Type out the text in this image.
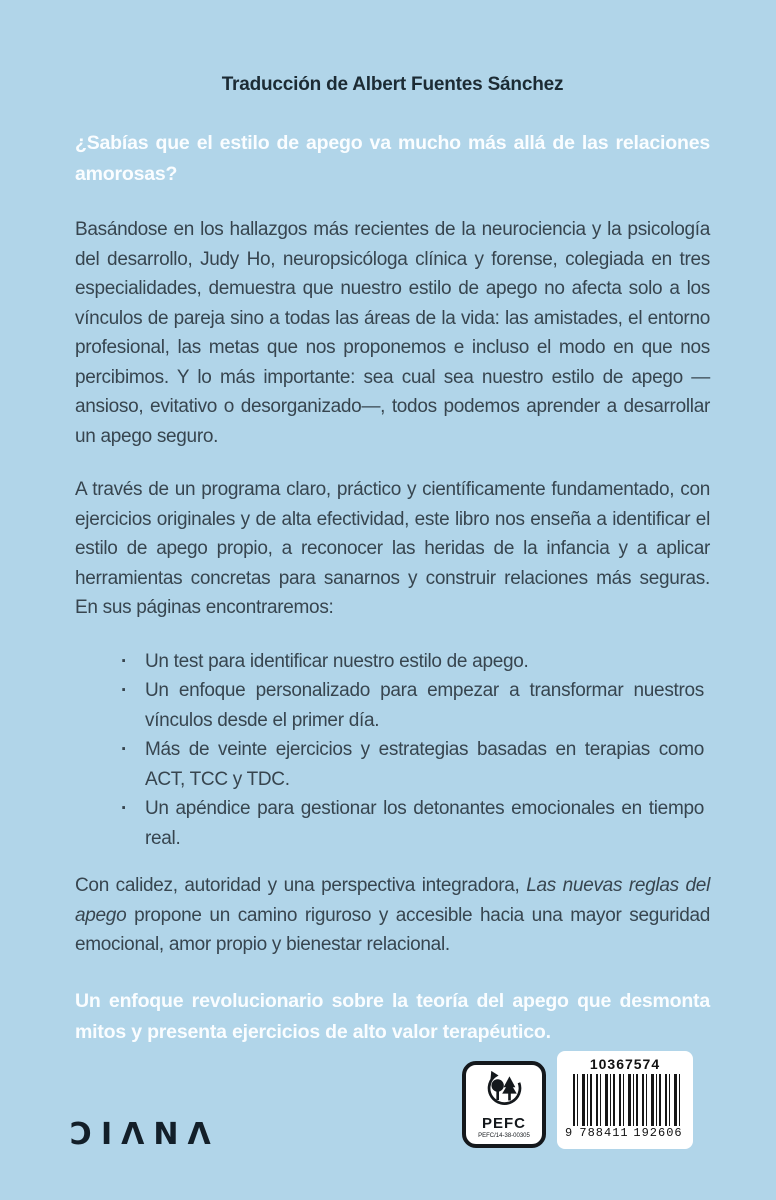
Traducción de Albert Fuentes Sánchez

¿Sabías que el estilo de apego va mucho más allá de las relaciones amorosas?

Basándose en los hallazgos más recientes de la neurociencia y la psicología del desarrollo, Judy Ho, neuropsicóloga clínica y forense, colegiada en tres especialidades, demuestra que nuestro estilo de apego no afecta solo a los vínculos de pareja sino a todas las áreas de la vida: las amistades, el entorno profesional, las metas que nos proponemos e incluso el modo en que nos percibimos. Y lo más importante: sea cual sea nuestro estilo de apego —ansioso, evitativo o desorganizado—, todos podemos aprender a desarrollar un apego seguro.

A través de un programa claro, práctico y científicamente fundamentado, con ejercicios originales y de alta efectividad, este libro nos enseña a identificar el estilo de apego propio, a reconocer las heridas de la infancia y a aplicar herramientas concretas para sanarnos y construir relaciones más seguras. En sus páginas encontraremos:

· Un test para identificar nuestro estilo de apego.
· Un enfoque personalizado para empezar a transformar nuestros vínculos desde el primer día.
· Más de veinte ejercicios y estrategias basadas en terapias como ACT, TCC y TDC.
· Un apéndice para gestionar los detonantes emocionales en tiempo real.

Con calidez, autoridad y una perspectiva integradora, Las nuevas reglas del apego propone un camino riguroso y accesible hacia una mayor seguridad emocional, amor propio y bienestar relacional.

Un enfoque revolucionario sobre la teoría del apego que desmonta mitos y presenta ejercicios de alto valor terapéutico.

ƆIΛNΛ	PEFC
PEFC/14-38-00305
10367574
9 788411 192606
